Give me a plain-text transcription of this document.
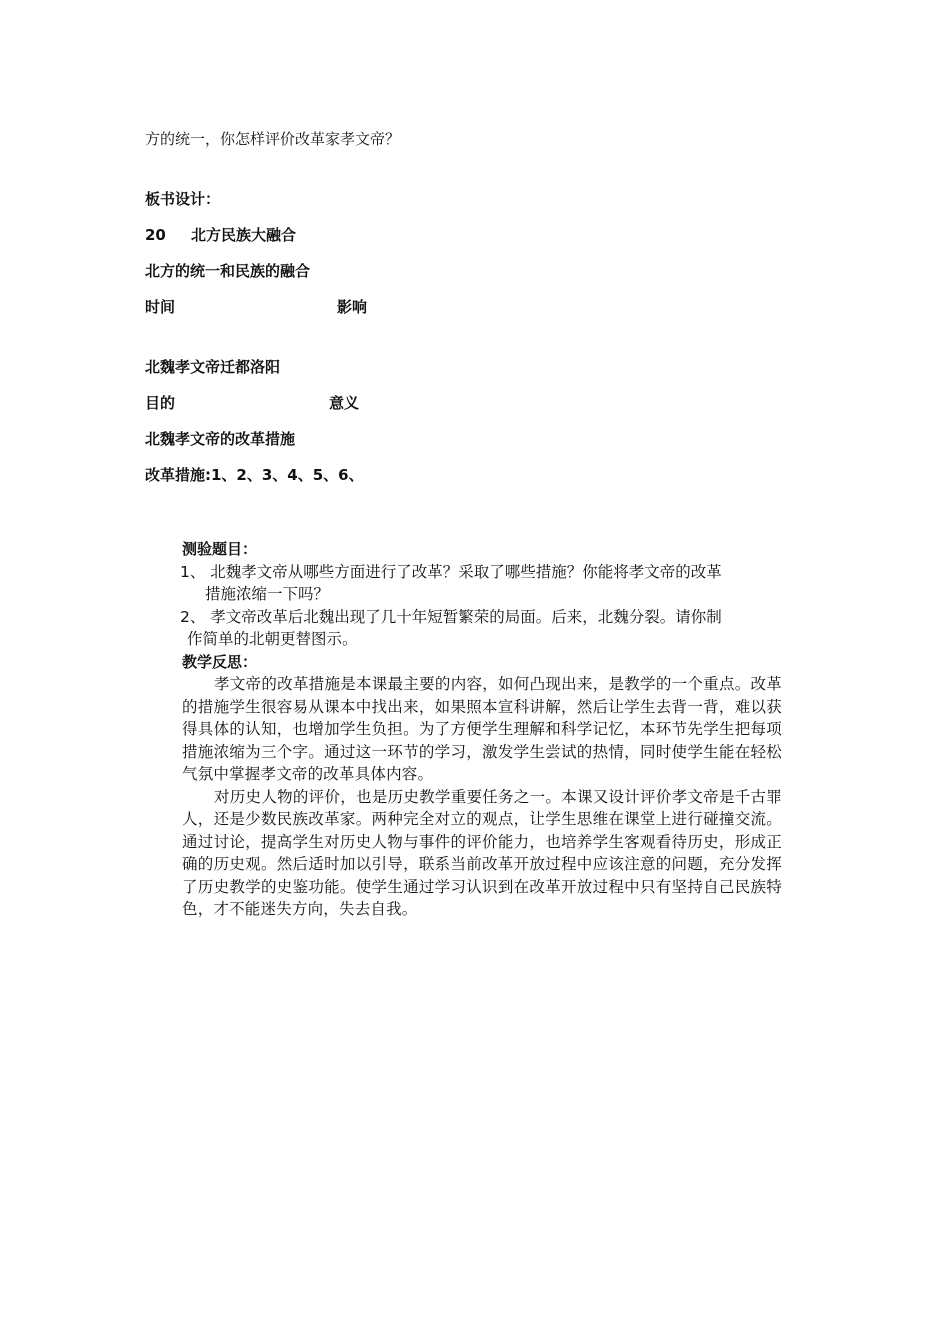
方的统一，你怎样评价改革家孝文帝？
板书设计：
20 北方民族大融合
北方的统一和民族的融合
时间	影响
北魏孝文帝迁都洛阳
目的	意义
北魏孝文帝的改革措施
改革措施:1、2、3、4、5、6、
测验题目：
1、 北魏孝文帝从哪些方面进行了改革？采取了哪些措施？你能将孝文帝的改革
措施浓缩一下吗？
2、 孝文帝改革后北魏出现了几十年短暂繁荣的局面。后来，北魏分裂。请你制
作简单的北朝更替图示。
教学反思：
孝文帝的改革措施是本课最主要的内容，如何凸现出来，是教学的一个重点。改革的措施学生很容易从课本中找出来，如果照本宣科讲解，然后让学生去背一背，难以获得具体的认知，也增加学生负担。为了方便学生理解和科学记忆，本环节先学生把每项措施浓缩为三个字。通过这一环节的学习，激发学生尝试的热情，同时使学生能在轻松气氛中掌握孝文帝的改革具体内容。
对历史人物的评价，也是历史教学重要任务之一。本课又设计评价孝文帝是千古罪人，还是少数民族改革家。两种完全对立的观点，让学生思维在课堂上进行碰撞交流。通过讨论，提高学生对历史人物与事件的评价能力，也培养学生客观看待历史，形成正确的历史观。然后适时加以引导，联系当前改革开放过程中应该注意的问题，充分发挥了历史教学的史鉴功能。使学生通过学习认识到在改革开放过程中只有坚持自己民族特色，才不能迷失方向，失去自我。
